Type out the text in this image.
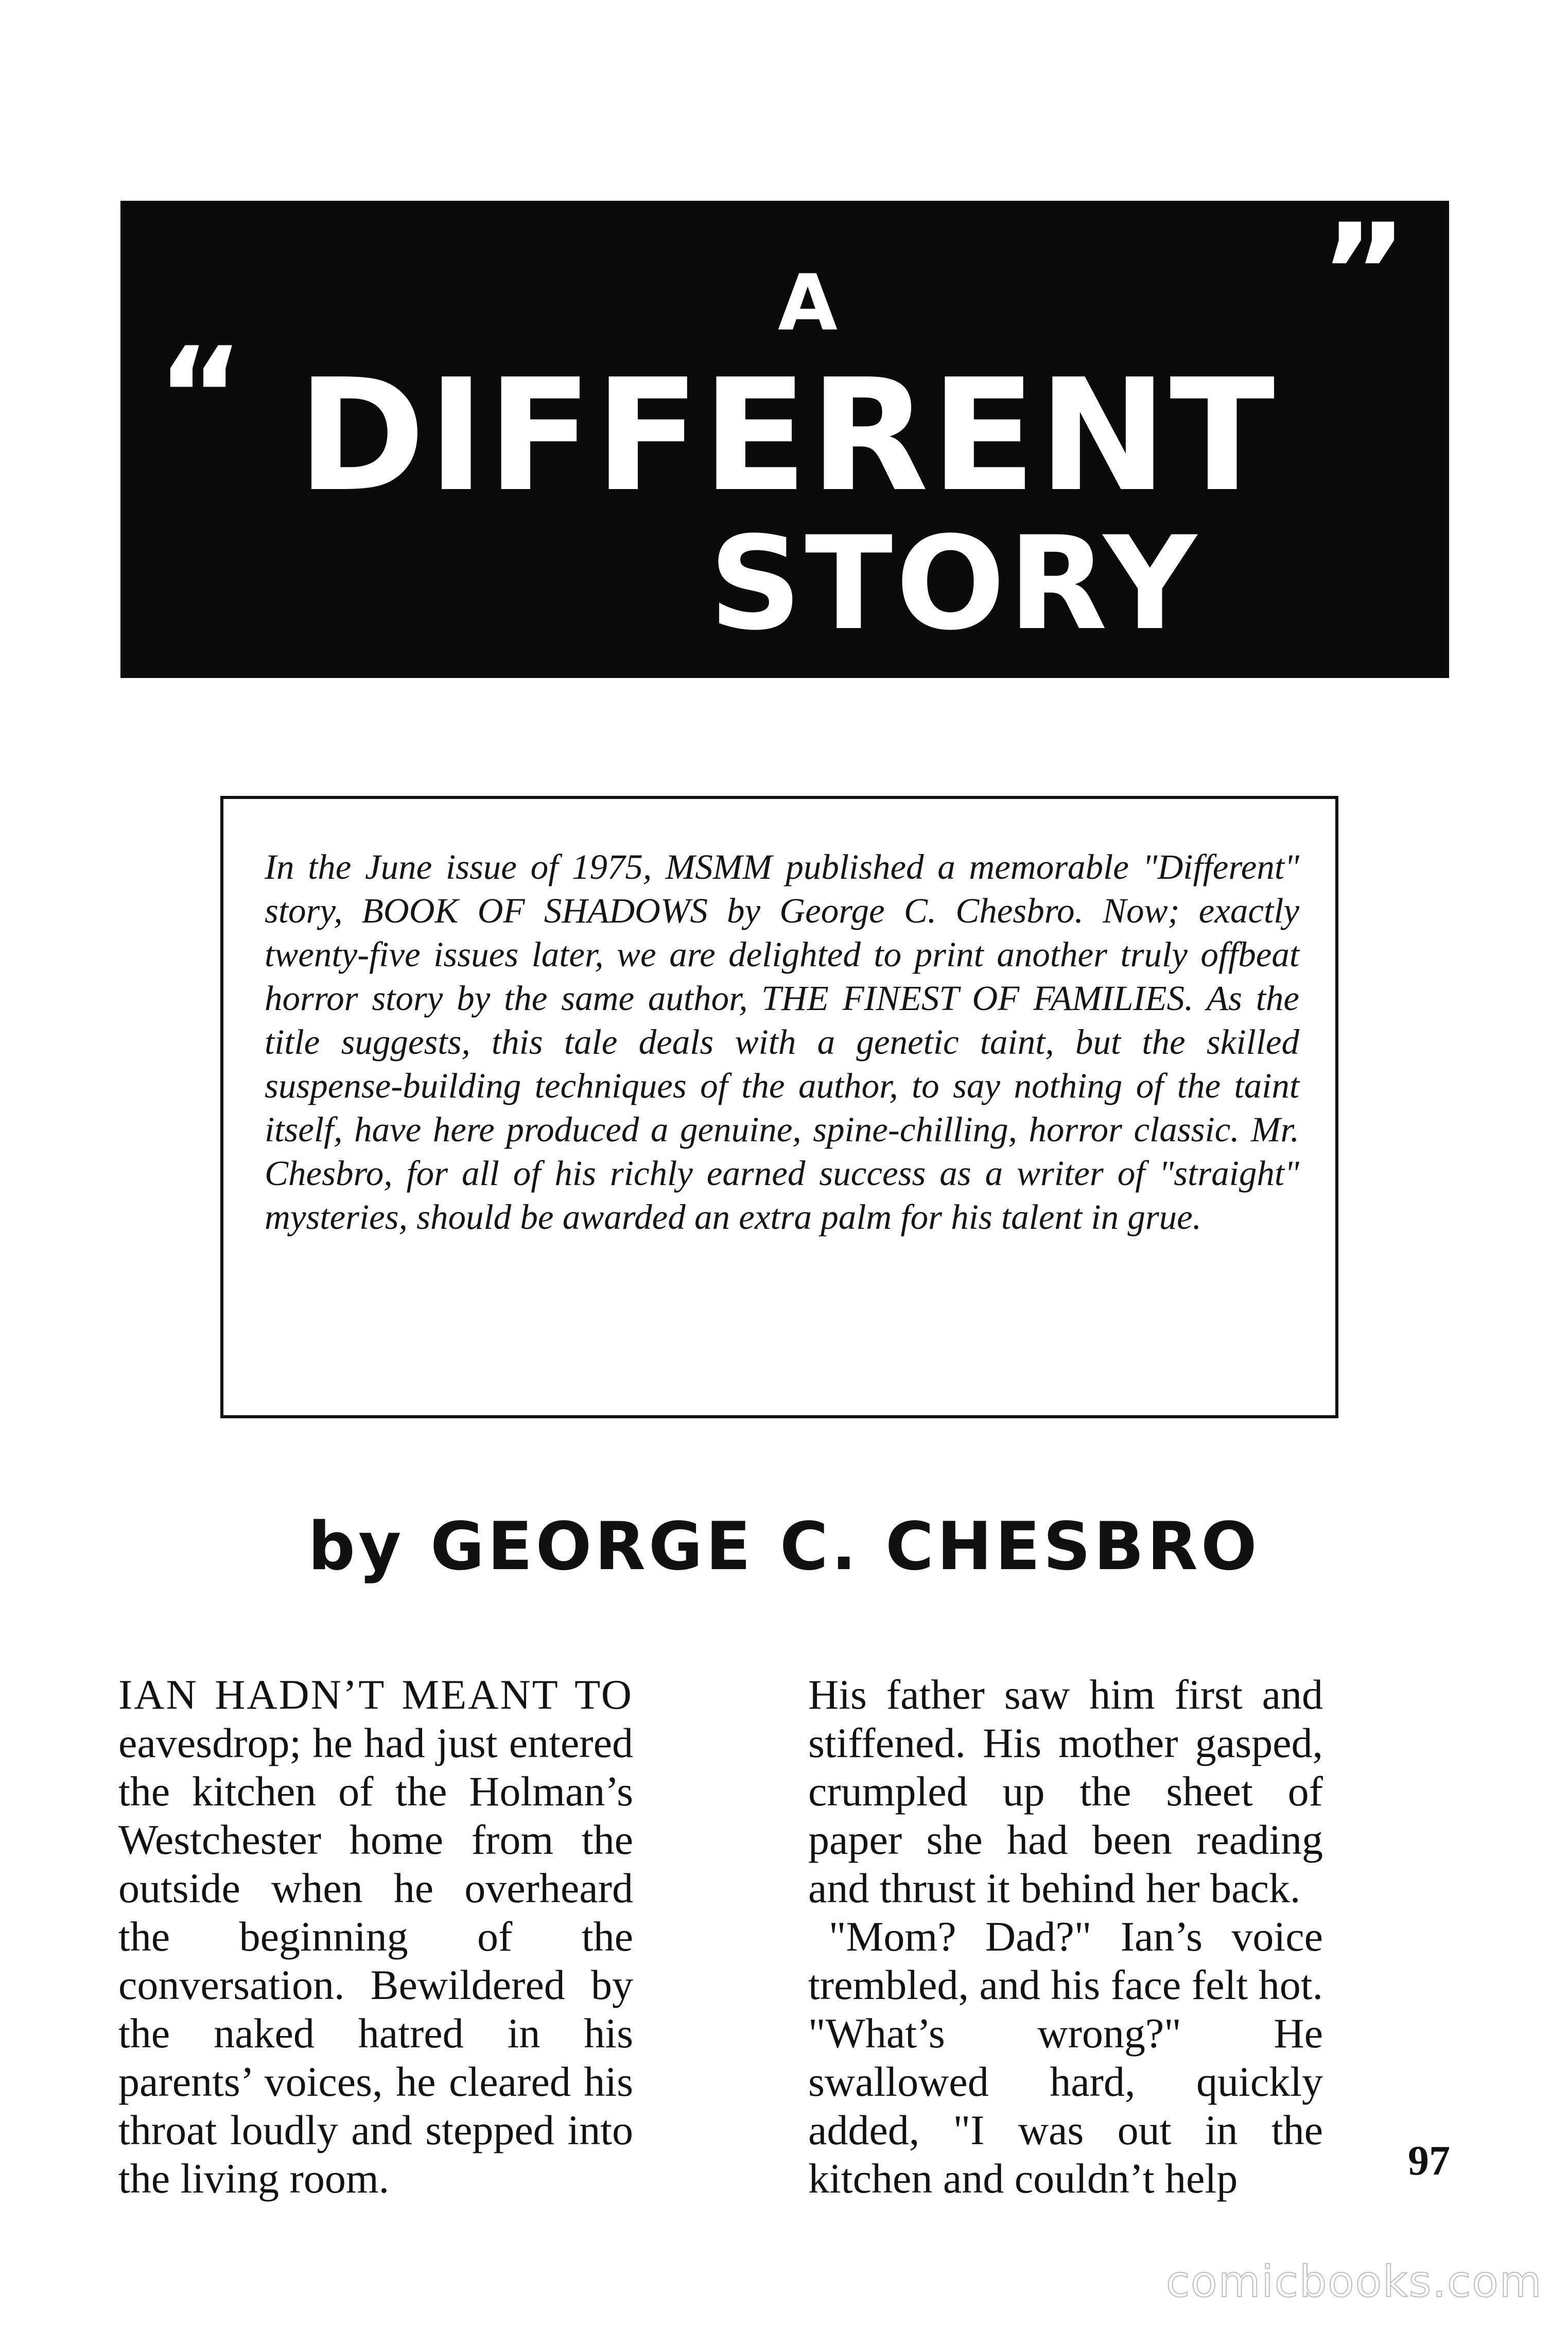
“
A
DIFFERENT
STORY
”
In the June issue of 1975, MSMM published a memorable "Different" story, BOOK OF SHADOWS by George C. Chesbro. Now; exactly twenty-five issues later, we are delighted to print another truly offbeat horror story by the same author, THE FINEST OF FAMILIES. As the title suggests, this tale deals with a genetic taint, but the skilled suspense-building techniques of the author, to say nothing of the taint itself, have here produced a genuine, spine-chilling, horror classic. Mr. Chesbro, for all of his richly earned success as a writer of "straight" mysteries, should be awarded an extra palm for his talent in grue.
by GEORGE C. CHESBRO

IAN HADN’T MEANT TO eavesdrop; he had just entered the kitchen of the Holman’s Westchester home from the outside when he overheard the beginning of the conversation. Bewildered by the naked hatred in his parents’ voices, he cleared his throat loudly and stepped into the living room.

His father saw him first and stiffened. His mother gasped, crumpled up the sheet of paper she had been reading and thrust it behind her back.

"Mom? Dad?" Ian’s voice trembled, and his face felt hot. "What’s wrong?" He swallowed hard, quickly added, "I was out in the kitchen and couldn’t help	97
comicbooks.com
